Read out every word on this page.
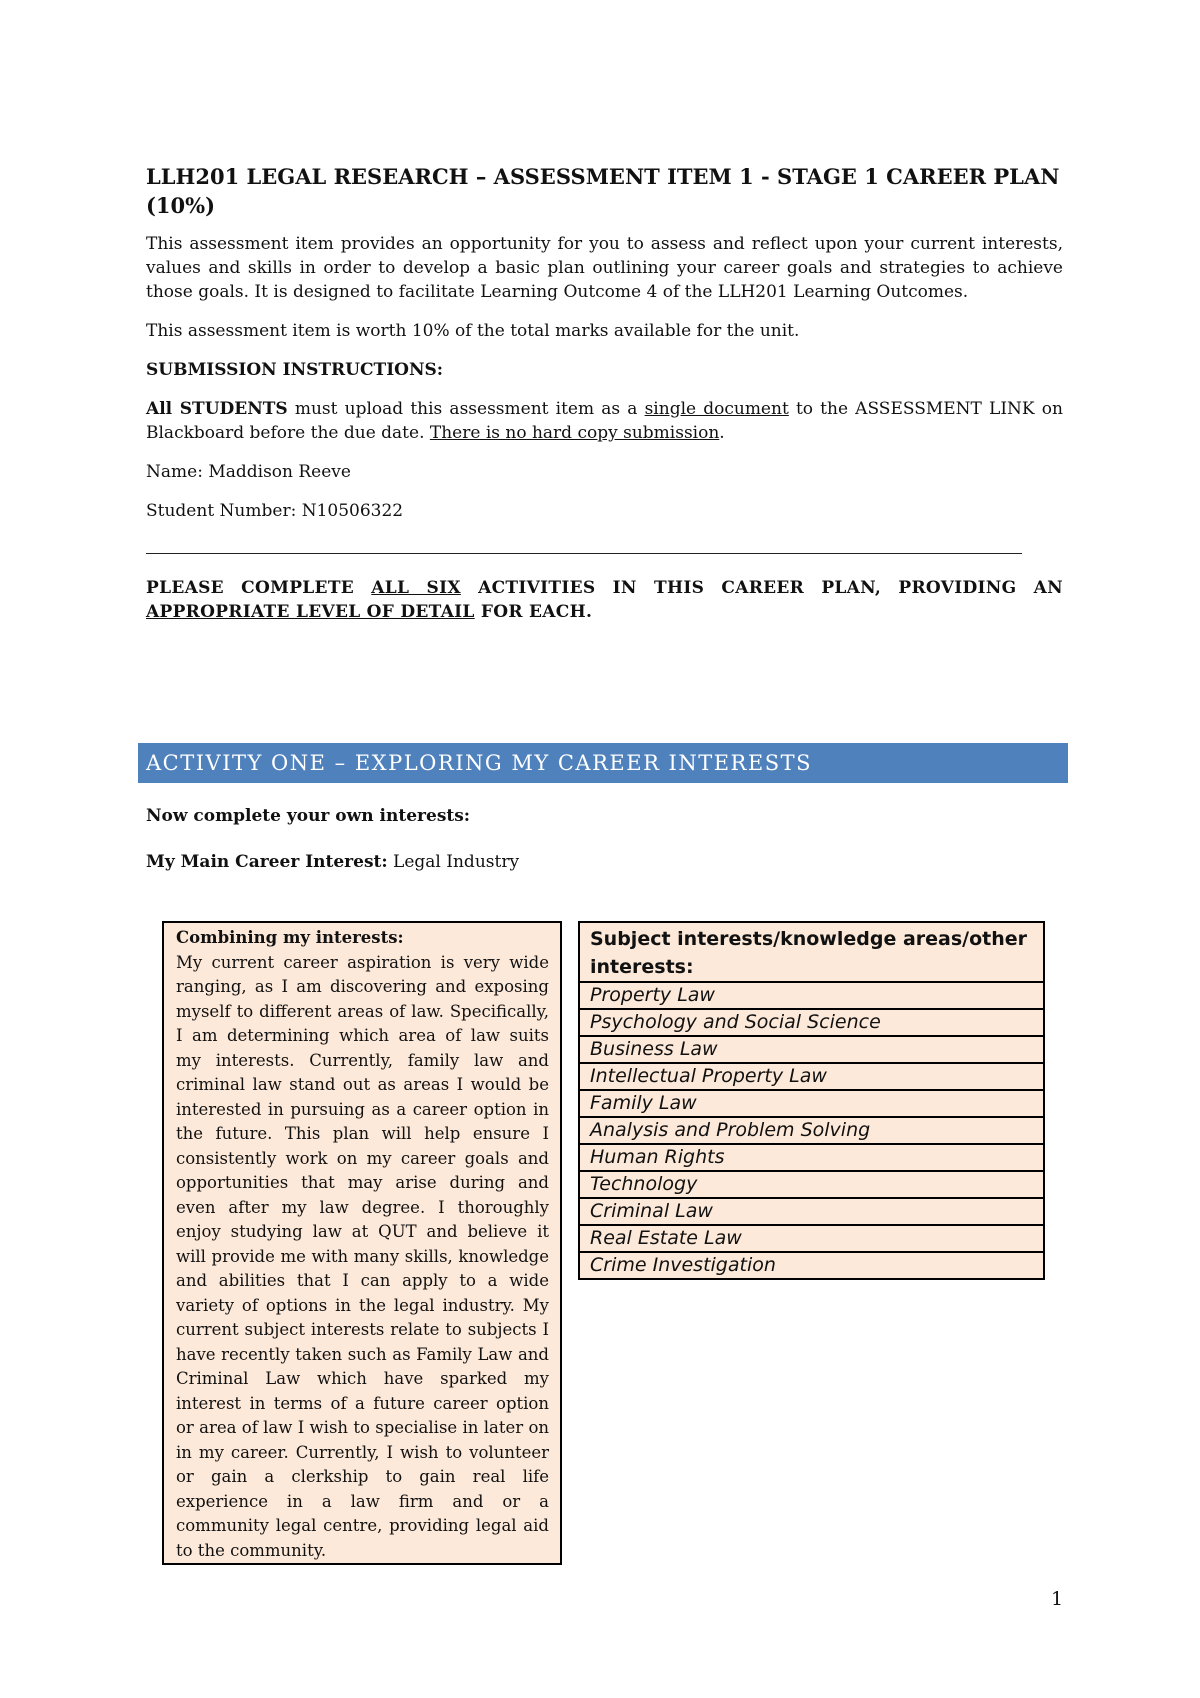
LLH201 LEGAL RESEARCH – ASSESSMENT ITEM 1 - STAGE 1 CAREER PLAN (10%)

This assessment item provides an opportunity for you to assess and reflect upon your current interests, values and skills in order to develop a basic plan outlining your career goals and strategies to achieve those goals. It is designed to facilitate Learning Outcome 4 of the LLH201 Learning Outcomes.

This assessment item is worth 10% of the total marks available for the unit.

SUBMISSION INSTRUCTIONS:

All STUDENTS must upload this assessment item as a single document to the ASSESSMENT LINK on Blackboard before the due date. There is no hard copy submission.

Name: Maddison Reeve

Student Number: N10506322

PLEASE COMPLETE ALL SIX ACTIVITIES IN THIS CAREER PLAN, PROVIDING AN APPROPRIATE LEVEL OF DETAIL FOR EACH.

ACTIVITY ONE – EXPLORING MY CAREER INTERESTS
Now complete your own interests:
My Main Career Interest: Legal Industry
Combining my interests:
My current career aspiration is very wide ranging, as I am discovering and exposing myself to different areas of law. Specifically, I am determining which area of law suits my interests. Currently, family law and criminal law stand out as areas I would be interested in pursuing as a career option in the future. This plan will help ensure I consistently work on my career goals and opportunities that may arise during and even after my law degree. I thoroughly enjoy studying law at QUT and believe it will provide me with many skills, knowledge and abilities that I can apply to a wide variety of options in the legal industry. My current subject interests relate to subjects I have recently taken such as Family Law and Criminal Law which have sparked my interest in terms of a future career option or area of law I wish to specialise in later on in my career. Currently, I wish to volunteer or gain a clerkship to gain real life experience in a law firm and or a community legal centre, providing legal aid to the community.
Subject interests/knowledge areas/other interests:
Property Law
Psychology and Social Science
Business Law
Intellectual Property Law
Family Law
Analysis and Problem Solving
Human Rights
Technology
Criminal Law
Real Estate Law
Crime Investigation
1
